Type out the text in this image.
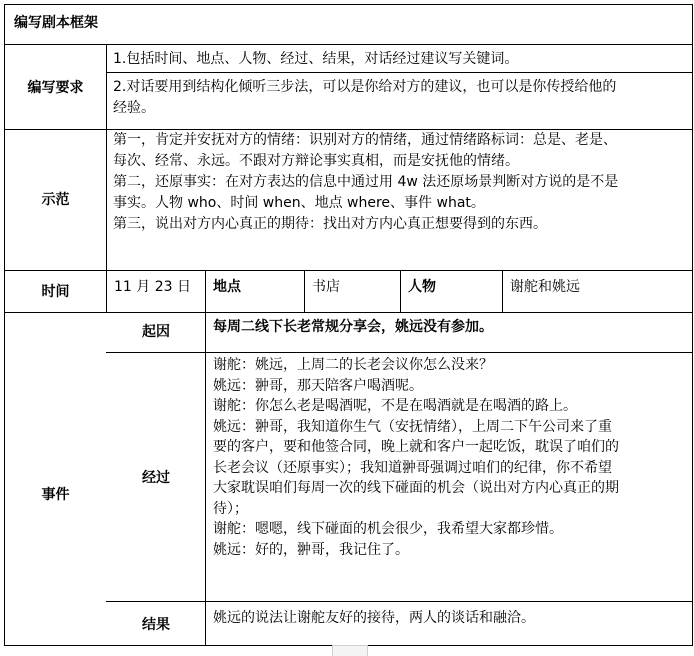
编写剧本框架
编写要求
1.包括时间、地点、人物、经过、结果，对话经过建议写关键词。
2.对话要用到结构化倾听三步法，可以是你给对方的建议，也可以是你传授给他的
经验。
示范
第一，肯定并安抚对方的情绪：识别对方的情绪，通过情绪路标词：总是、老是、
每次、经常、永远。不跟对方辩论事实真相，而是安抚他的情绪。
第二，还原事实：在对方表达的信息中通过用 4w 法还原场景判断对方说的是不是
事实。人物 who、时间 when、地点 where、事件 what。
第三，说出对方内心真正的期待：找出对方内心真正想要得到的东西。
时间	11 月 23 日 地点	书店	人物	谢舵和姚远
事件
起因	每周二线下长老常规分享会，姚远没有参加。
经过
谢舵：姚远，上周二的长老会议你怎么没来？
姚远：翀哥，那天陪客户喝酒呢。
谢舵：你怎么老是喝酒呢，不是在喝酒就是在喝酒的路上。
姚远：翀哥，我知道你生气（安抚情绪），上周二下午公司来了重
要的客户，要和他签合同，晚上就和客户一起吃饭，耽误了咱们的
长老会议（还原事实）；我知道翀哥强调过咱们的纪律，你不希望
大家耽误咱们每周一次的线下碰面的机会（说出对方内心真正的期
待）；
谢舵：嗯嗯，线下碰面的机会很少，我希望大家都珍惜。
姚远：好的，翀哥，我记住了。
结果	姚远的说法让谢舵友好的接待，两人的谈话和融洽。
